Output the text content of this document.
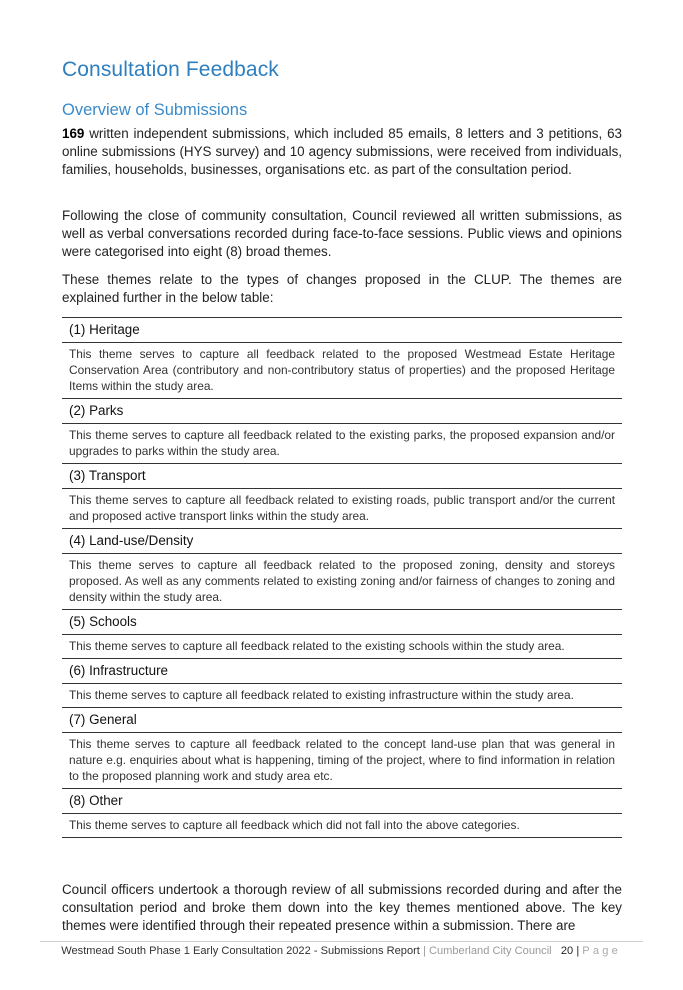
Consultation Feedback
Overview of Submissions
169 written independent submissions, which included 85 emails, 8 letters and 3 petitions, 63 online submissions (HYS survey) and 10 agency submissions, were received from individuals, families, households, businesses, organisations etc. as part of the consultation period.
Following the close of community consultation, Council reviewed all written submissions, as well as verbal conversations recorded during face-to-face sessions. Public views and opinions were categorised into eight (8) broad themes.
These themes relate to the types of changes proposed in the CLUP. The themes are explained further in the below table:
(1) Heritage
This theme serves to capture all feedback related to the proposed Westmead Estate Heritage Conservation Area (contributory and non-contributory status of properties) and the proposed Heritage Items within the study area.
(2) Parks
This theme serves to capture all feedback related to the existing parks, the proposed expansion and/or upgrades to parks within the study area.
(3) Transport
This theme serves to capture all feedback related to existing roads, public transport and/or the current and proposed active transport links within the study area.
(4) Land-use/Density
This theme serves to capture all feedback related to the proposed zoning, density and storeys proposed. As well as any comments related to existing zoning and/or fairness of changes to zoning and density within the study area.
(5) Schools
This theme serves to capture all feedback related to the existing schools within the study area.
(6) Infrastructure
This theme serves to capture all feedback related to existing infrastructure within the study area.
(7) General
This theme serves to capture all feedback related to the concept land-use plan that was general in nature e.g. enquiries about what is happening, timing of the project, where to find information in relation to the proposed planning work and study area etc.
(8) Other
This theme serves to capture all feedback which did not fall into the above categories.
Council officers undertook a thorough review of all submissions recorded during and after the consultation period and broke them down into the key themes mentioned above. The key themes were identified through their repeated presence within a submission. There are
Westmead South Phase 1 Early Consultation 2022 - Submissions Report | Cumberland City Council 20 | Page
